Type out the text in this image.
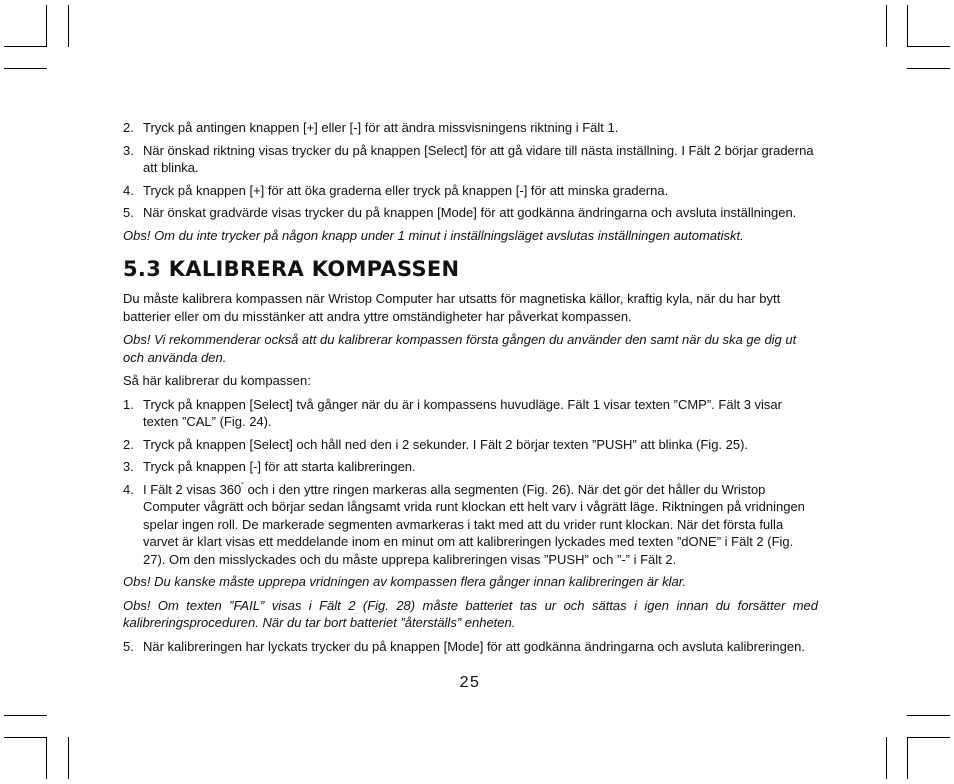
2. Tryck på antingen knappen [+] eller [-] för att ändra missvisningens riktning i Fält 1.
3. När önskad riktning visas trycker du på knappen [Select] för att gå vidare till nästa inställning. I Fält 2 börjar graderna att blinka.
4. Tryck på knappen [+] för att öka graderna eller tryck på knappen [-] för att minska graderna.
5. När önskat gradvärde visas trycker du på knappen [Mode] för att godkänna ändringarna och avsluta inställningen.

Obs! Om du inte trycker på någon knapp under 1 minut i inställningsläget avslutas inställningen automatiskt.

5.3 KALIBRERA KOMPASSEN

Du måste kalibrera kompassen när Wristop Computer har utsatts för magnetiska källor, kraftig kyla, när du har bytt batterier eller om du misstänker att andra yttre omständigheter har påverkat kompassen.

Obs! Vi rekommenderar också att du kalibrerar kompassen första gången du använder den samt när du ska ge dig ut och använda den.

Så här kalibrerar du kompassen:

1. Tryck på knappen [Select] två gånger när du är i kompassens huvudläge. Fält 1 visar texten ”CMP”. Fält 3 visar texten ”CAL” (Fig. 24).
2. Tryck på knappen [Select] och håll ned den i 2 sekunder. I Fält 2 börjar texten ”PUSH” att blinka (Fig. 25).
3. Tryck på knappen [-] för att starta kalibreringen.
4. I Fält 2 visas 360˚ och i den yttre ringen markeras alla segmenten (Fig. 26). När det gör det håller du Wristop Computer vågrätt och börjar sedan långsamt vrida runt klockan ett helt varv i vågrätt läge. Riktningen på vridningen spelar ingen roll. De markerade segmenten avmarkeras i takt med att du vrider runt klockan. När det första fulla varvet är klart visas ett meddelande inom en minut om att kalibreringen lyckades med texten ”dONE” i Fält 2 (Fig. 27). Om den misslyckades och du måste upprepa kalibreringen visas ”PUSH” och ”-” i Fält 2.

Obs! Du kanske måste upprepa vridningen av kompassen flera gånger innan kalibreringen är klar.

Obs! Om texten ”FAIL” visas i Fält 2 (Fig. 28) måste batteriet tas ur och sättas i igen innan du forsätter med kalibreringsproceduren. När du tar bort batteriet ”återställs” enheten.

5. När kalibreringen har lyckats trycker du på knappen [Mode] för att godkänna ändringarna och avsluta kalibreringen.
25
